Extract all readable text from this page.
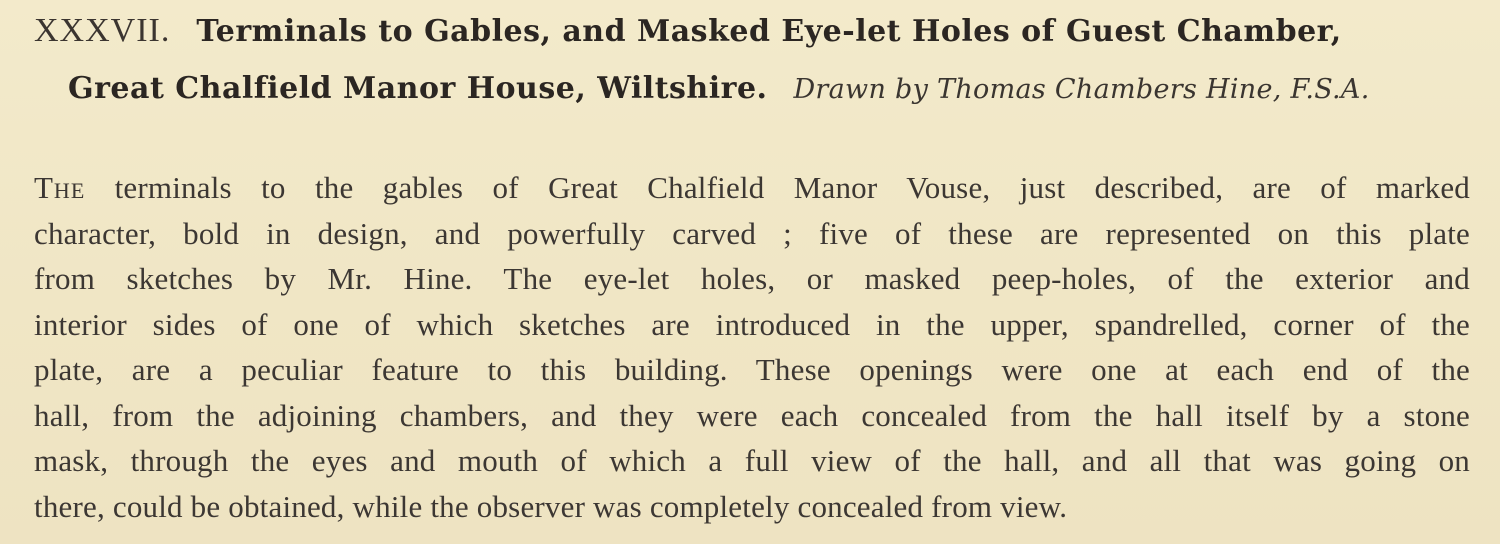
XXXVII. Terminals to Gables, and Masked Eye-let Holes of Guest Chamber,
Great Chalfield Manor House, Wiltshire. Drawn by Thomas Chambers Hine, F.S.A.
The terminals to the gables of Great Chalfield Manor Vouse, just described, are of marked
character, bold in design, and powerfully carved ; five of these are represented on this plate
from sketches by Mr. Hine. The eye-let holes, or masked peep-holes, of the exterior and
interior sides of one of which sketches are introduced in the upper, spandrelled, corner of the
plate, are a peculiar feature to this building. These openings were one at each end of the
hall, from the adjoining chambers, and they were each concealed from the hall itself by a stone
mask, through the eyes and mouth of which a full view of the hall, and all that was going on
there, could be obtained, while the observer was completely concealed from view.
